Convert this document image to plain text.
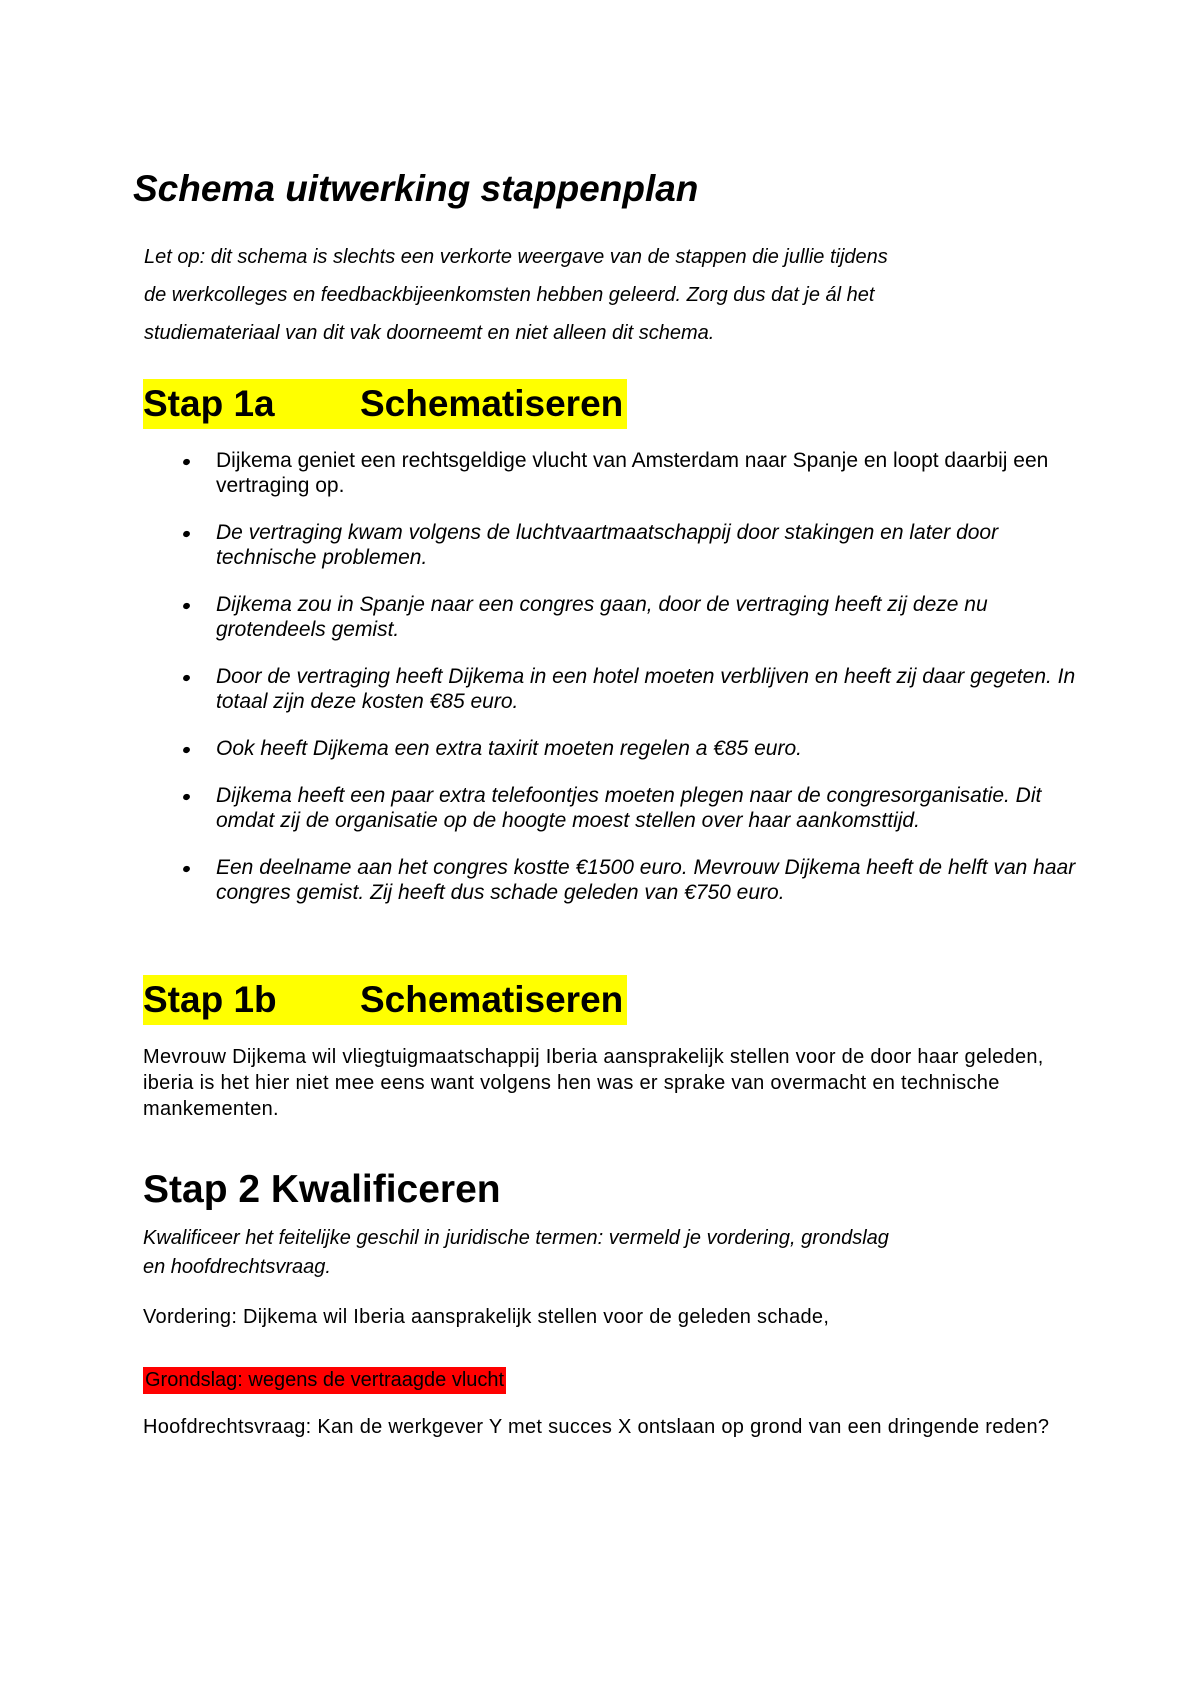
Schema uitwerking stappenplan

Let op: dit schema is slechts een verkorte weergave van de stappen die jullie tijdens
de werkcolleges en feedbackbijeenkomsten hebben geleerd. Zorg dus dat je ál het
studiemateriaal van dit vak doorneemt en niet alleen dit schema.

Stap 1a Schematiseren
Dijkema geniet een rechtsgeldige vlucht van Amsterdam naar Spanje en loopt daarbij een vertraging op.
De vertraging kwam volgens de luchtvaartmaatschappij door stakingen en later door technische problemen.
Dijkema zou in Spanje naar een congres gaan, door de vertraging heeft zij deze nu grotendeels gemist.
Door de vertraging heeft Dijkema in een hotel moeten verblijven en heeft zij daar gegeten. In totaal zijn deze kosten €85 euro.
Ook heeft Dijkema een extra taxirit moeten regelen a €85 euro.
Dijkema heeft een paar extra telefoontjes moeten plegen naar de congresorganisatie. Dit omdat zij de organisatie op de hoogte moest stellen over haar aankomsttijd.
Een deelname aan het congres kostte €1500 euro. Mevrouw Dijkema heeft de helft van haar congres gemist. Zij heeft dus schade geleden van €750 euro.
Stap 1b Schematiseren

Mevrouw Dijkema wil vliegtuigmaatschappij Iberia aansprakelijk stellen voor de door haar geleden, iberia is het hier niet mee eens want volgens hen was er sprake van overmacht en technische mankementen.

Stap 2 Kwalificeren

Kwalificeer het feitelijke geschil in juridische termen: vermeld je vordering, grondslag
en hoofdrechtsvraag.

Vordering: Dijkema wil Iberia aansprakelijk stellen voor de geleden schade,

Grondslag: wegens de vertraagde vlucht

Hoofdrechtsvraag: Kan de werkgever Y met succes X ontslaan op grond van een dringende reden?
